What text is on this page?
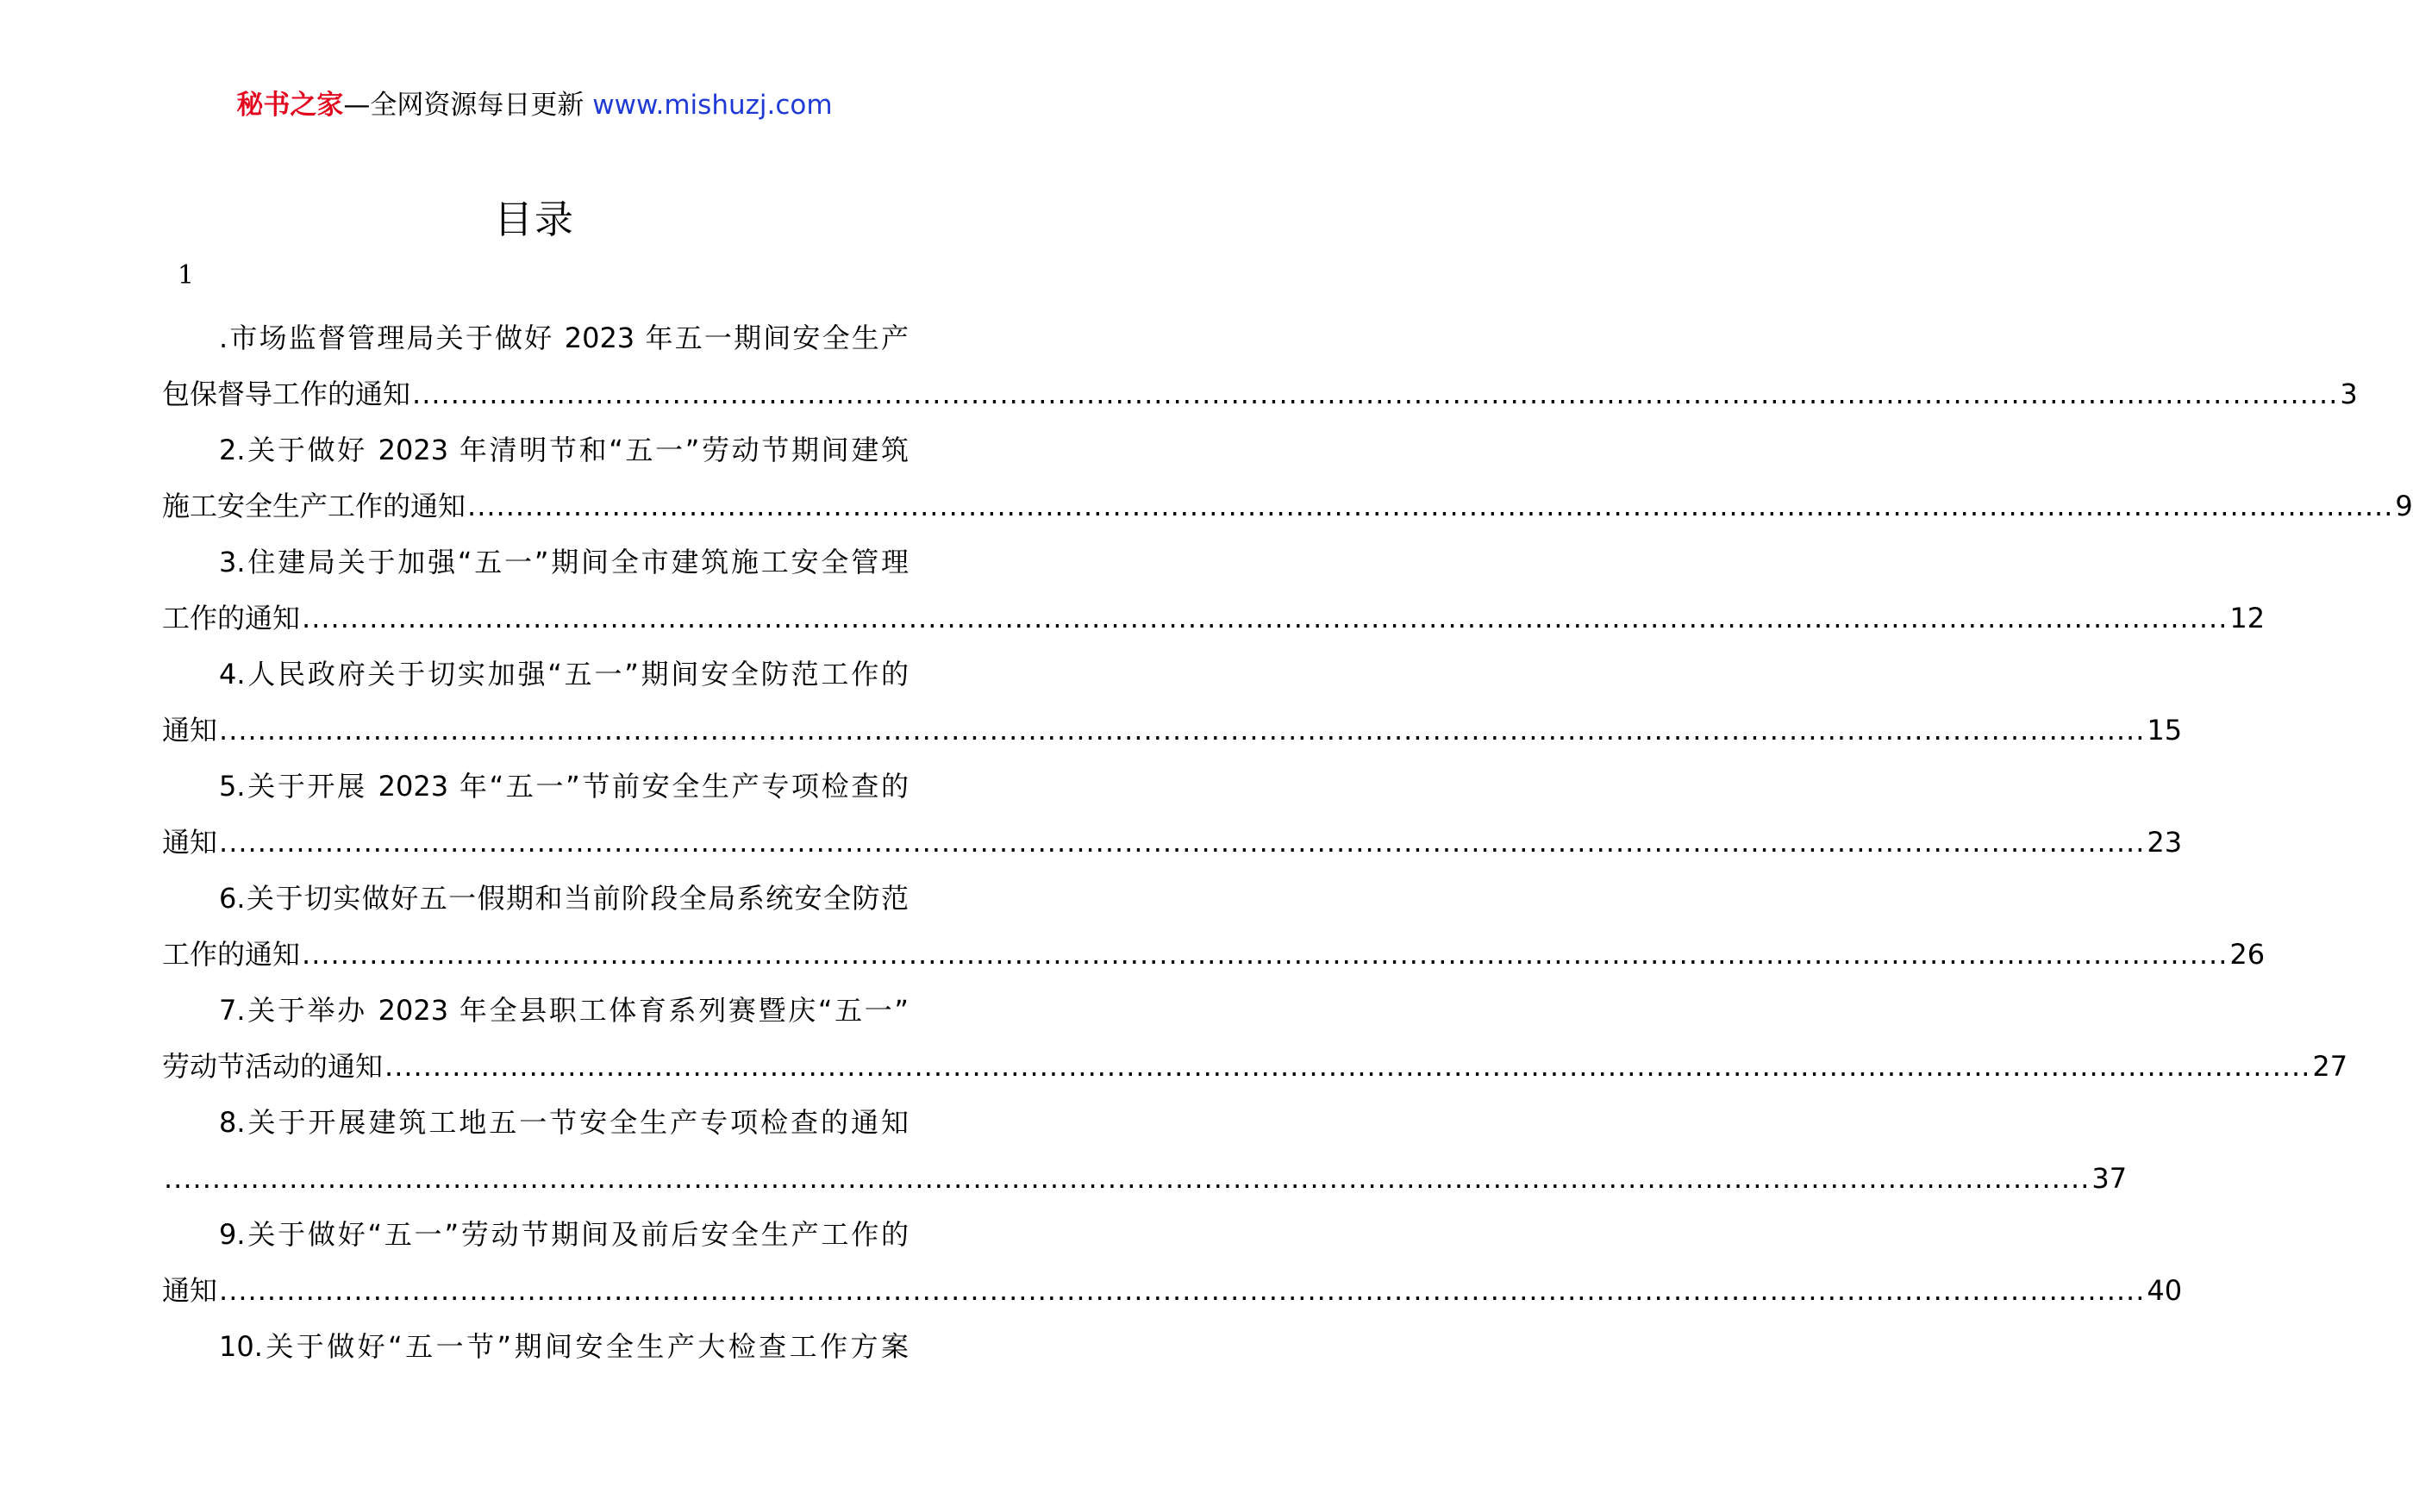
秘书之家—全网资源每日更新 www.mishuzj.com
目录
1
.市场监督管理局关于做好 2023 年五一期间安全生产
包保督导工作的通知 ........................................................................................................................................................................................................ 3
2.关于做好 2023 年清明节和“五一”劳动节期间建筑
施工安全生产工作的通知 ........................................................................................................................................................................................................ 9
3.住建局关于加强“五一”期间全市建筑施工安全管理
工作的通知 ........................................................................................................................................................................................................ 12
4.人民政府关于切实加强“五一”期间安全防范工作的
通知 ........................................................................................................................................................................................................ 15
5.关于开展 2023 年“五一”节前安全生产专项检查的
通知 ........................................................................................................................................................................................................ 23
6.关于切实做好五一假期和当前阶段全局系统安全防范
工作的通知 ........................................................................................................................................................................................................ 26
7.关于举办 2023 年全县职工体育系列赛暨庆“五一”
劳动节活动的通知 ........................................................................................................................................................................................................ 27
8.关于开展建筑工地五一节安全生产专项检查的通知
........................................................................................................................................................................................................ 37
9.关于做好“五一”劳动节期间及前后安全生产工作的
通知 ........................................................................................................................................................................................................ 40
10.关于做好“五一节”期间安全生产大检查工作方案
